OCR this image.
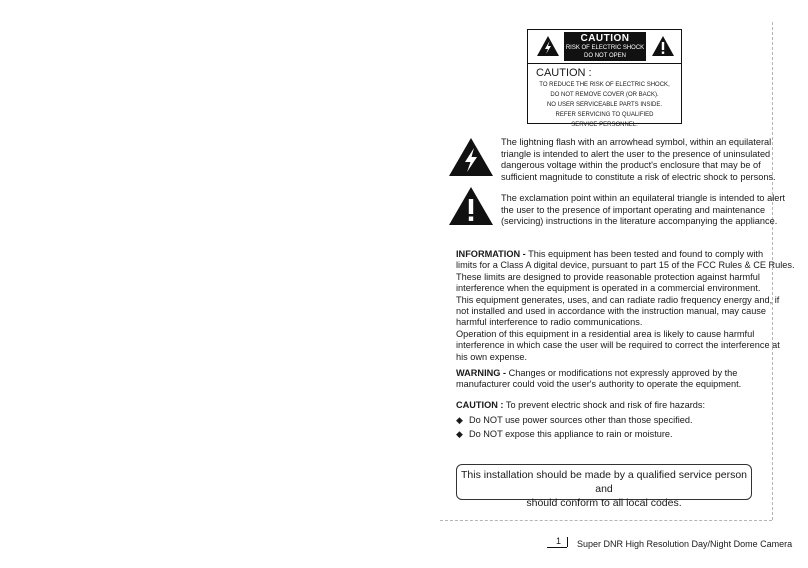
CAUTION
RISK OF ELECTRIC SHOCK
DO NOT OPEN
CAUTION :
TO REDUCE THE RISK OF ELECTRIC SHOCK,
DO NOT REMOVE COVER (OR BACK).
NO USER SERVICEABLE PARTS INSIDE.
REFER SERVICING TO QUALIFIED
SERVICE PERSONNEL.
The lightning flash with an arrowhead symbol, within an equilateral
triangle is intended to alert the user to the presence of uninsulated
dangerous voltage within the product's enclosure that may be of
sufficient magnitude to constitute a risk of electric shock to persons.
The exclamation point within an equilateral triangle is intended to alert
the user to the presence of important operating and maintenance
(servicing) instructions in the literature accompanying the appliance.
INFORMATION - This equipment has been tested and found to comply with
limits for a Class A digital device, pursuant to part 15 of the FCC Rules & CE Rules.
These limits are designed to provide reasonable protection against harmful
interference when the equipment is operated in a commercial environment.
This equipment generates, uses, and can radiate radio frequency energy and, if
not installed and used in accordance with the instruction manual, may cause
harmful interference to radio communications.
Operation of this equipment in a residential area is likely to cause harmful
interference in which case the user will be required to correct the interference at
his own expense.
WARNING - Changes or modifications not expressly approved by the
manufacturer could void the user's authority to operate the equipment.
CAUTION : To prevent electric shock and risk of fire hazards:
◆ Do NOT use power sources other than those specified.
◆ Do NOT expose this appliance to rain or moisture.
This installation should be made by a qualified service person and
should conform to all local codes.
1 Super DNR High Resolution Day/Night Dome Camera
